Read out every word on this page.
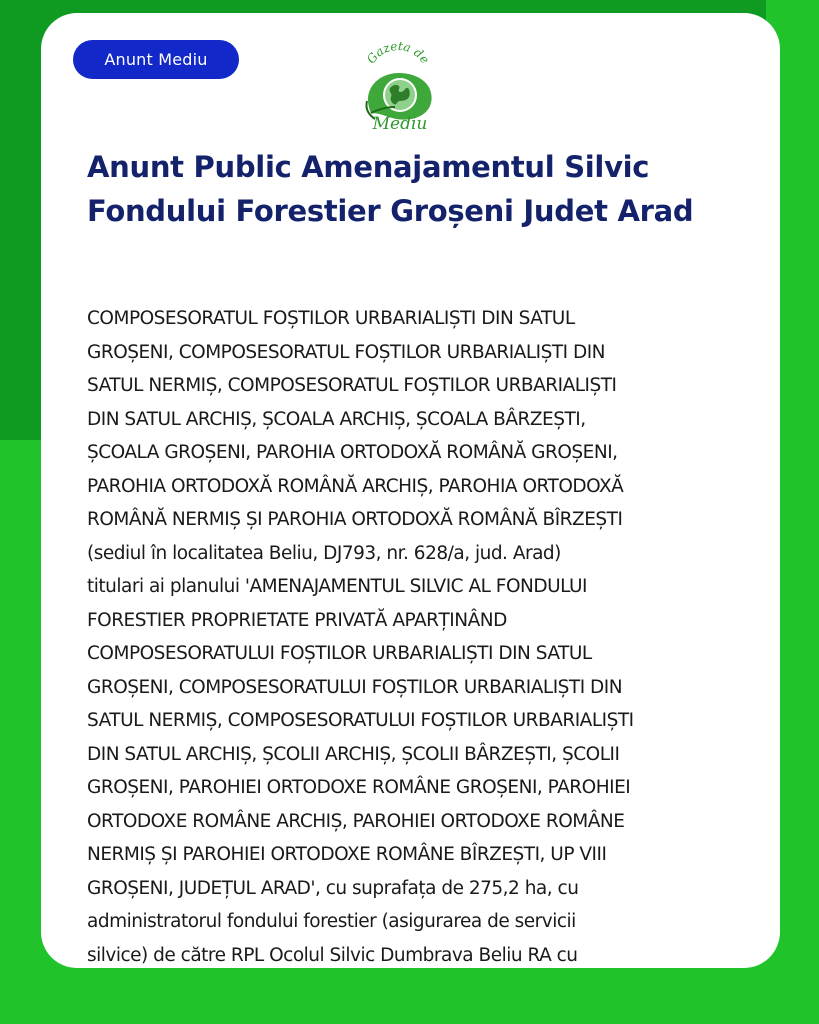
Anunt Mediu	Gazeta de
Mediu
Anunt Public Amenajamentul Silvic Fondului Forestier Groșeni Judet Arad

COMPOSESORATUL FOȘTILOR URBARIALIȘTI DIN SATUL
GROȘENI, COMPOSESORATUL FOȘTILOR URBARIALIȘTI DIN
SATUL NERMIȘ, COMPOSESORATUL FOȘTILOR URBARIALIȘTI
DIN SATUL ARCHIȘ, ȘCOALA ARCHIȘ, ȘCOALA BÂRZEȘTI,
ȘCOALA GROȘENI, PAROHIA ORTODOXĂ ROMÂNĂ GROȘENI,
PAROHIA ORTODOXĂ ROMÂNĂ ARCHIȘ, PAROHIA ORTODOXĂ
ROMÂNĂ NERMIȘ ȘI PAROHIA ORTODOXĂ ROMÂNĂ BÎRZEȘTI
(sediul în localitatea Beliu, DJ793, nr. 628/a, jud. Arad)
titulari ai planului 'AMENAJAMENTUL SILVIC AL FONDULUI
FORESTIER PROPRIETATE PRIVATĂ APARȚINÂND
COMPOSESORATULUI FOȘTILOR URBARIALIȘTI DIN SATUL
GROȘENI, COMPOSESORATULUI FOȘTILOR URBARIALIȘTI DIN
SATUL NERMIȘ, COMPOSESORATULUI FOȘTILOR URBARIALIȘTI
DIN SATUL ARCHIȘ, ȘCOLII ARCHIȘ, ȘCOLII BÂRZEȘTI, ȘCOLII
GROȘENI, PAROHIEI ORTODOXE ROMÂNE GROȘENI, PAROHIEI
ORTODOXE ROMÂNE ARCHIȘ, PAROHIEI ORTODOXE ROMÂNE
NERMIȘ ȘI PAROHIEI ORTODOXE ROMÂNE BÎRZEȘTI, UP VIII
GROȘENI, JUDEȚUL ARAD', cu suprafața de 275,2 ha, cu
administratorul fondului forestier (asigurarea de servicii
silvice) de către RPL Ocolul Silvic Dumbrava Beliu RA cu
